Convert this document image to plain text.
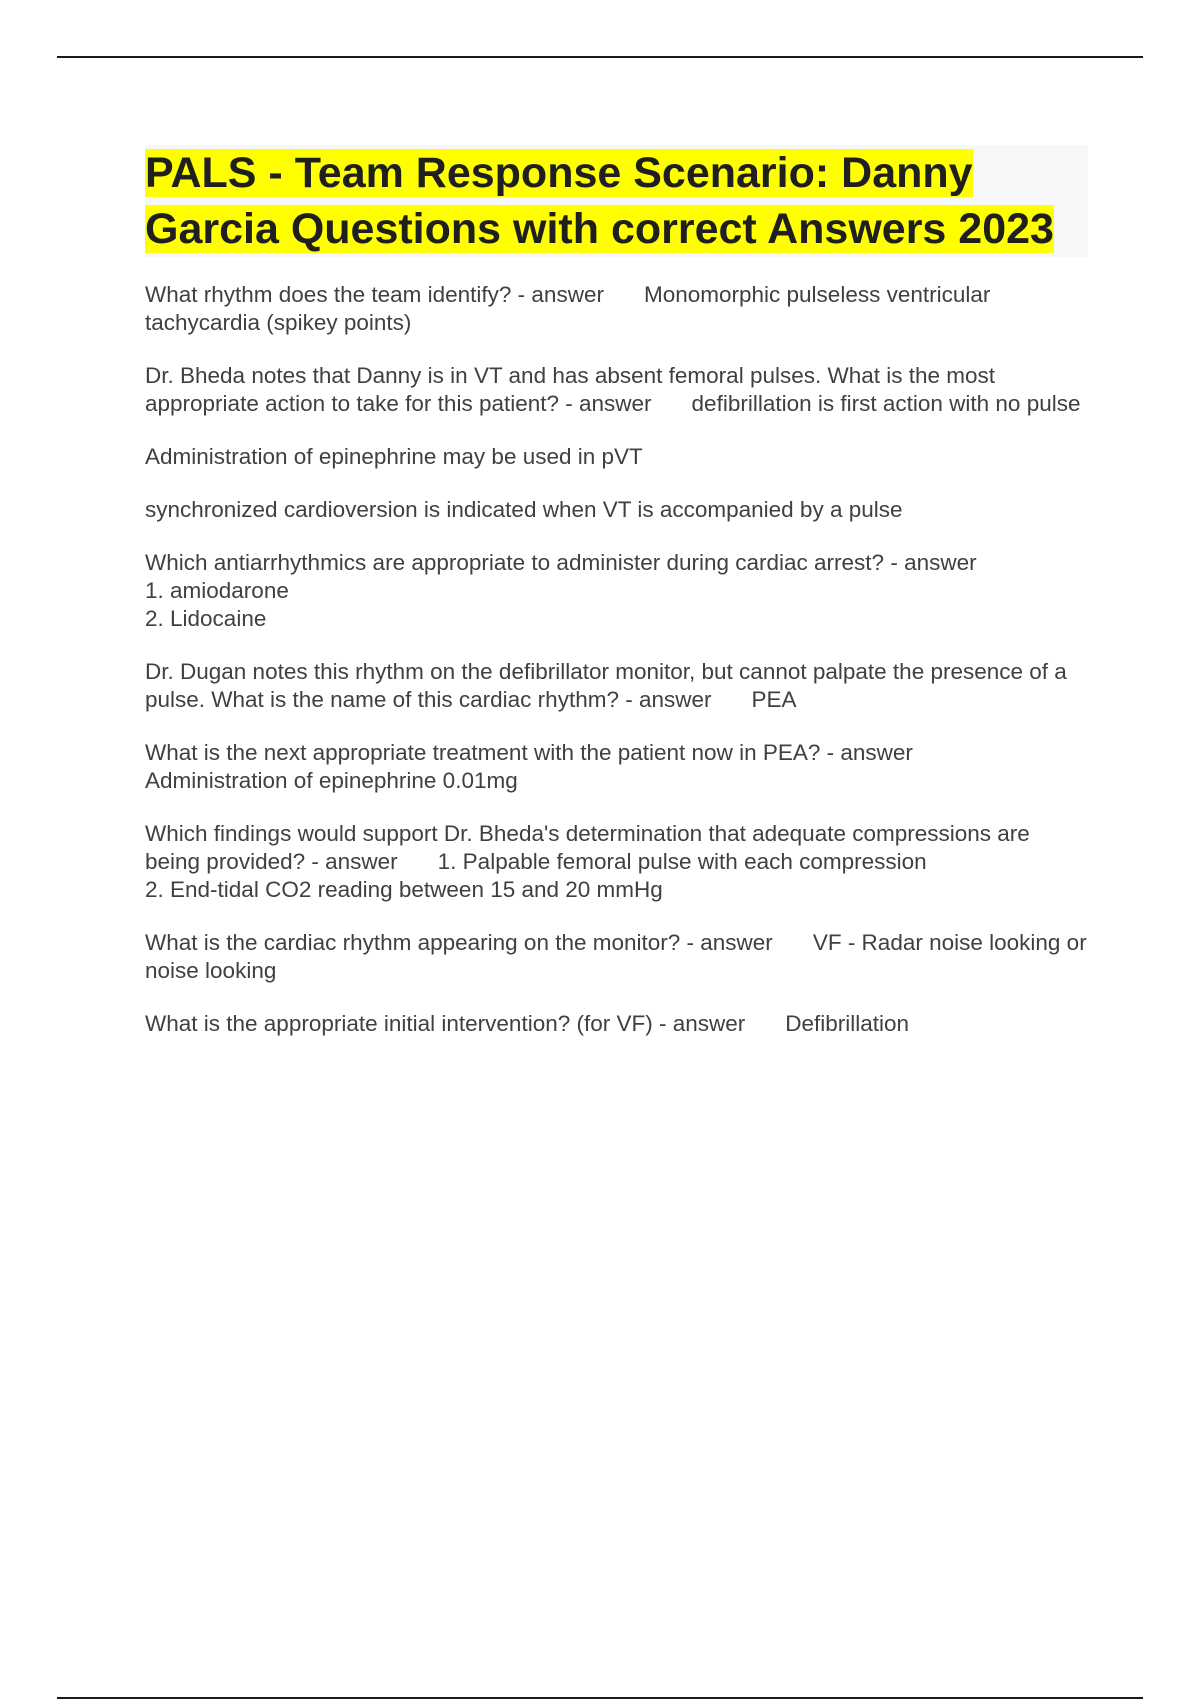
PALS - Team Response Scenario: Danny Garcia Questions with correct Answers 2023

What rhythm does the team identify? - answer Monomorphic pulseless ventricular tachycardia (spikey points)

Dr. Bheda notes that Danny is in VT and has absent femoral pulses. What is the most appropriate action to take for this patient? - answer defibrillation is first action with no pulse

Administration of epinephrine may be used in pVT

synchronized cardioversion is indicated when VT is accompanied by a pulse

Which antiarrhythmics are appropriate to administer during cardiac arrest? - answer
1. amiodarone
2. Lidocaine

Dr. Dugan notes this rhythm on the defibrillator monitor, but cannot palpate the presence of a pulse. What is the name of this cardiac rhythm? - answer PEA

What is the next appropriate treatment with the patient now in PEA? - answer
Administration of epinephrine 0.01mg

Which findings would support Dr. Bheda's determination that adequate compressions are being provided? - answer 1. Palpable femoral pulse with each compression
2. End-tidal CO2 reading between 15 and 20 mmHg

What is the cardiac rhythm appearing on the monitor? - answer VF - Radar noise looking or noise looking

What is the appropriate initial intervention? (for VF) - answer Defibrillation
